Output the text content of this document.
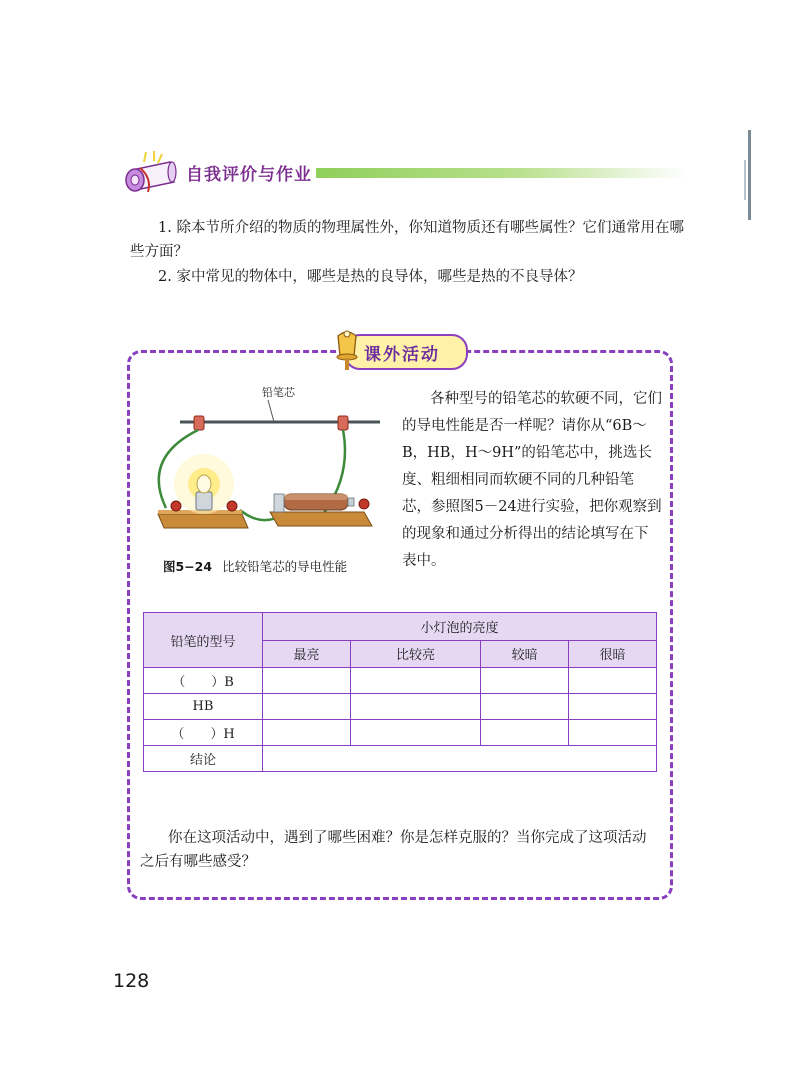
自我评价与作业
1. 除本节所介绍的物质的物理属性外，你知道物质还有哪些属性？它们通常用在哪些方面？
2. 家中常见的物体中，哪些是热的良导体，哪些是热的不良导体？
课外活动
铅笔芯
图5−24 比较铅笔芯的导电性能
各种型号的铅笔芯的软硬不同，它们的导电性能是否一样呢？请你从“6B～B，HB，H～9H”的铅笔芯中，挑选长度、粗细相同而软硬不同的几种铅笔芯，参照图5－24进行实验，把你观察到的现象和通过分析得出的结论填写在下表中。
铅笔的型号	小灯泡的亮度			
	最亮	比较亮	较暗	很暗
（　　）B				
HB				
（　　）H				
结论				
你在这项活动中，遇到了哪些困难？你是怎样克服的？当你完成了这项活动之后有哪些感受？
128
